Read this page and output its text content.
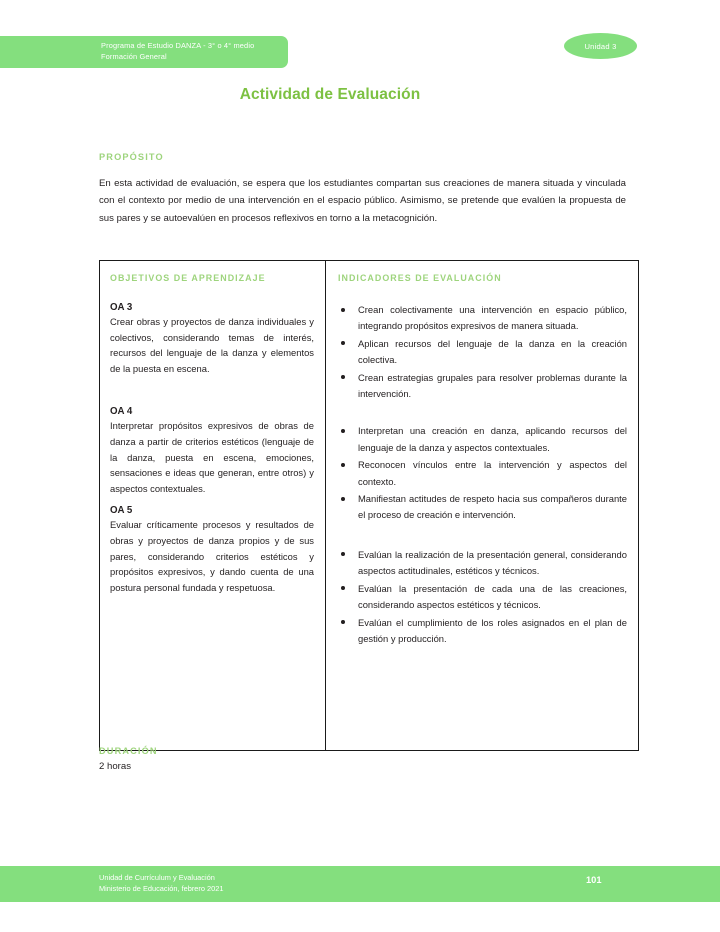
Programa de Estudio DANZA - 3° o 4° medio
Formación General
Unidad 3
Actividad de Evaluación
PROPÓSITO
En esta actividad de evaluación, se espera que los estudiantes compartan sus creaciones de manera situada y vinculada con el contexto por medio de una intervención en el espacio público. Asimismo, se pretende que evalúen la propuesta de sus pares y se autoevalúen en procesos reflexivos en torno a la metacognición.
OBJETIVOS DE APRENDIZAJE
OA 3
Crear obras y proyectos de danza individuales y colectivos, considerando temas de interés, recursos del lenguaje de la danza y elementos de la puesta en escena.
OA 4
Interpretar propósitos expresivos de obras de danza a partir de criterios estéticos (lenguaje de la danza, puesta en escena, emociones, sensaciones e ideas que generan, entre otros) y aspectos contextuales.
OA 5
Evaluar críticamente procesos y resultados de obras y proyectos de danza propios y de sus pares, considerando criterios estéticos y propósitos expresivos, y dando cuenta de una postura personal fundada y respetuosa.
INDICADORES DE EVALUACIÓN
Crean colectivamente una intervención en espacio público, integrando propósitos expresivos de manera situada.
Aplican recursos del lenguaje de la danza en la creación colectiva.
Crean estrategias grupales para resolver problemas durante la intervención.
Interpretan una creación en danza, aplicando recursos del lenguaje de la danza y aspectos contextuales.
Reconocen vínculos entre la intervención y aspectos del contexto.
Manifiestan actitudes de respeto hacia sus compañeros durante el proceso de creación e intervención.
Evalúan la realización de la presentación general, considerando aspectos actitudinales, estéticos y técnicos.
Evalúan la presentación de cada una de las creaciones, considerando aspectos estéticos y técnicos.
Evalúan el cumplimiento de los roles asignados en el plan de gestión y producción.
DURACIÓN
2 horas
Unidad de Currículum y Evaluación
Ministerio de Educación, febrero 2021
101
